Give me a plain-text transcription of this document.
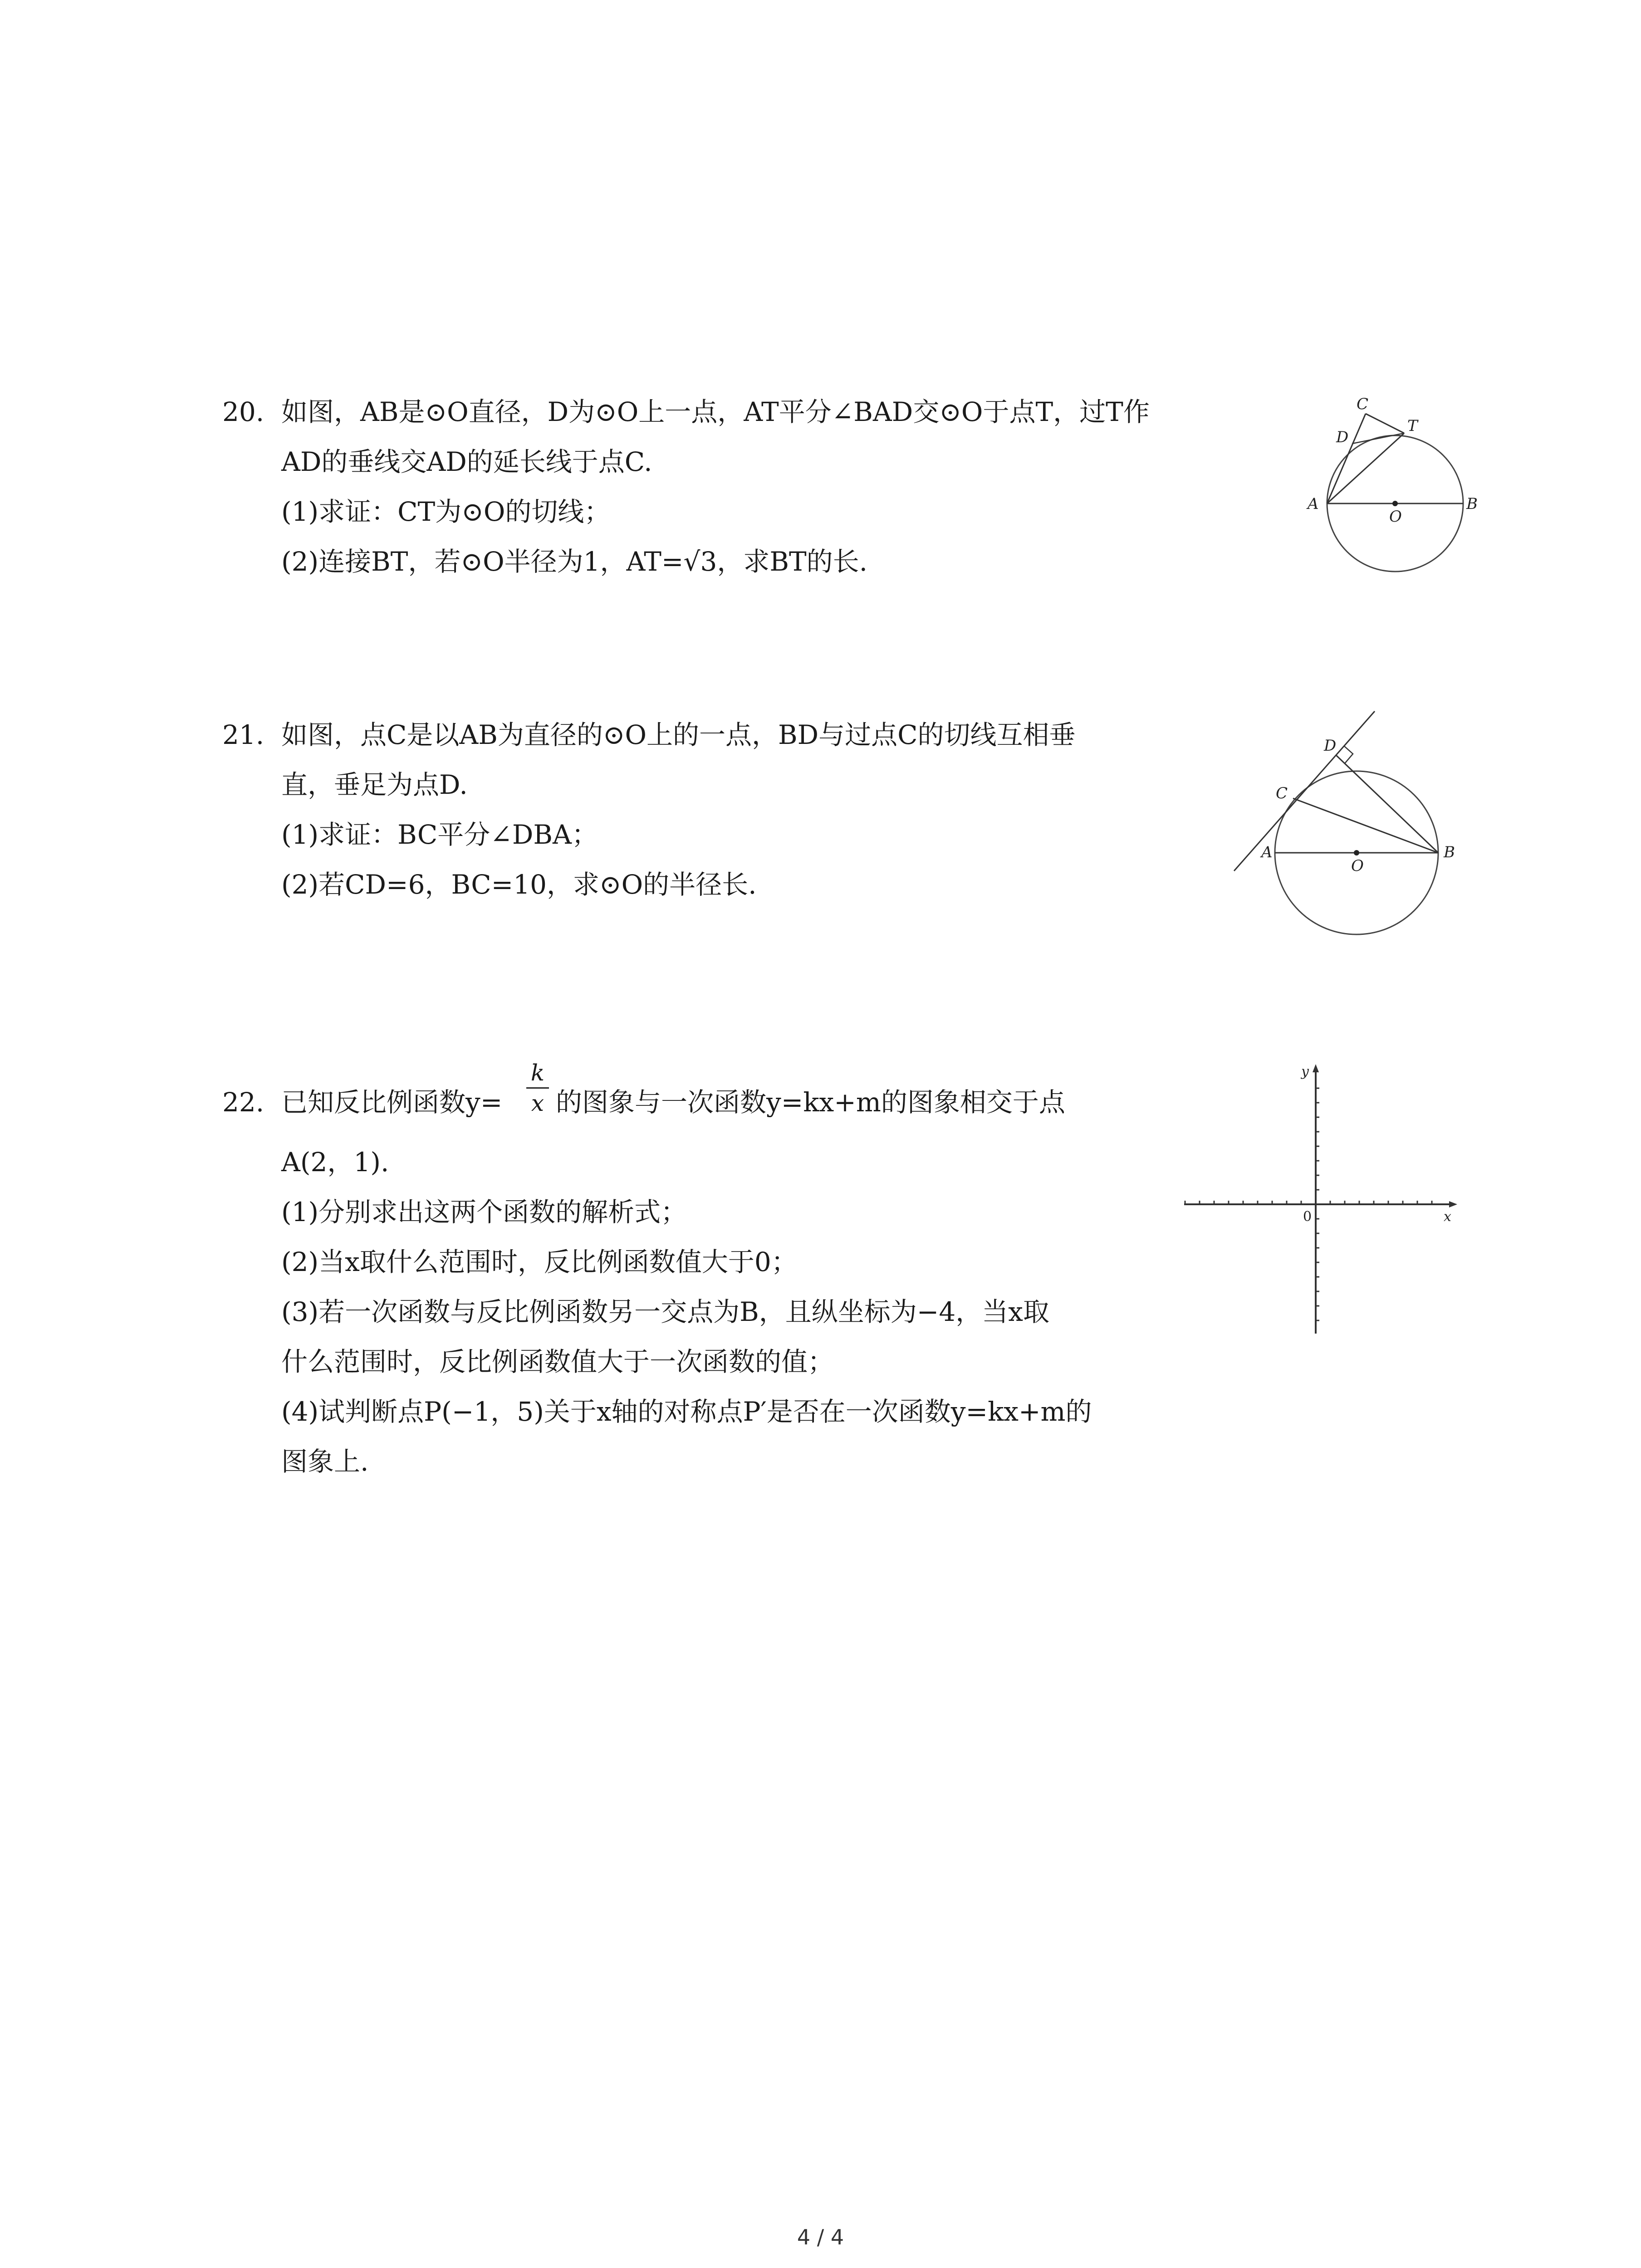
20. 如图，AB是⊙O直径，D为⊙O上一点，AT平分∠BAD交⊙O于点T，过T作
AD的垂线交AD的延长线于点C.
(1)求证：CT为⊙O的切线；
(2)连接BT，若⊙O半径为1，AT=√3，求BT的长.
C
D
T
A
O
B
21. 如图，点C是以AB为直径的⊙O上的一点，BD与过点C的切线互相垂
直，垂足为点D.
(1)求证：BC平分∠DBA；
(2)若CD=6，BC=10，求⊙O的半径长.
D
C
A
O
B
22. 已知反比例函数y=
k
x 的图象与一次函数y=kx+m的图象相交于点
A(2，1).
(1)分别求出这两个函数的解析式；
(2)当x取什么范围时，反比例函数值大于0；
(3)若一次函数与反比例函数另一交点为B，且纵坐标为−4，当x取
什么范围时，反比例函数值大于一次函数的值；
(4)试判断点P(−1，5)关于x轴的对称点P′是否在一次函数y=kx+m的
图象上.
y
x
0
4 / 4
